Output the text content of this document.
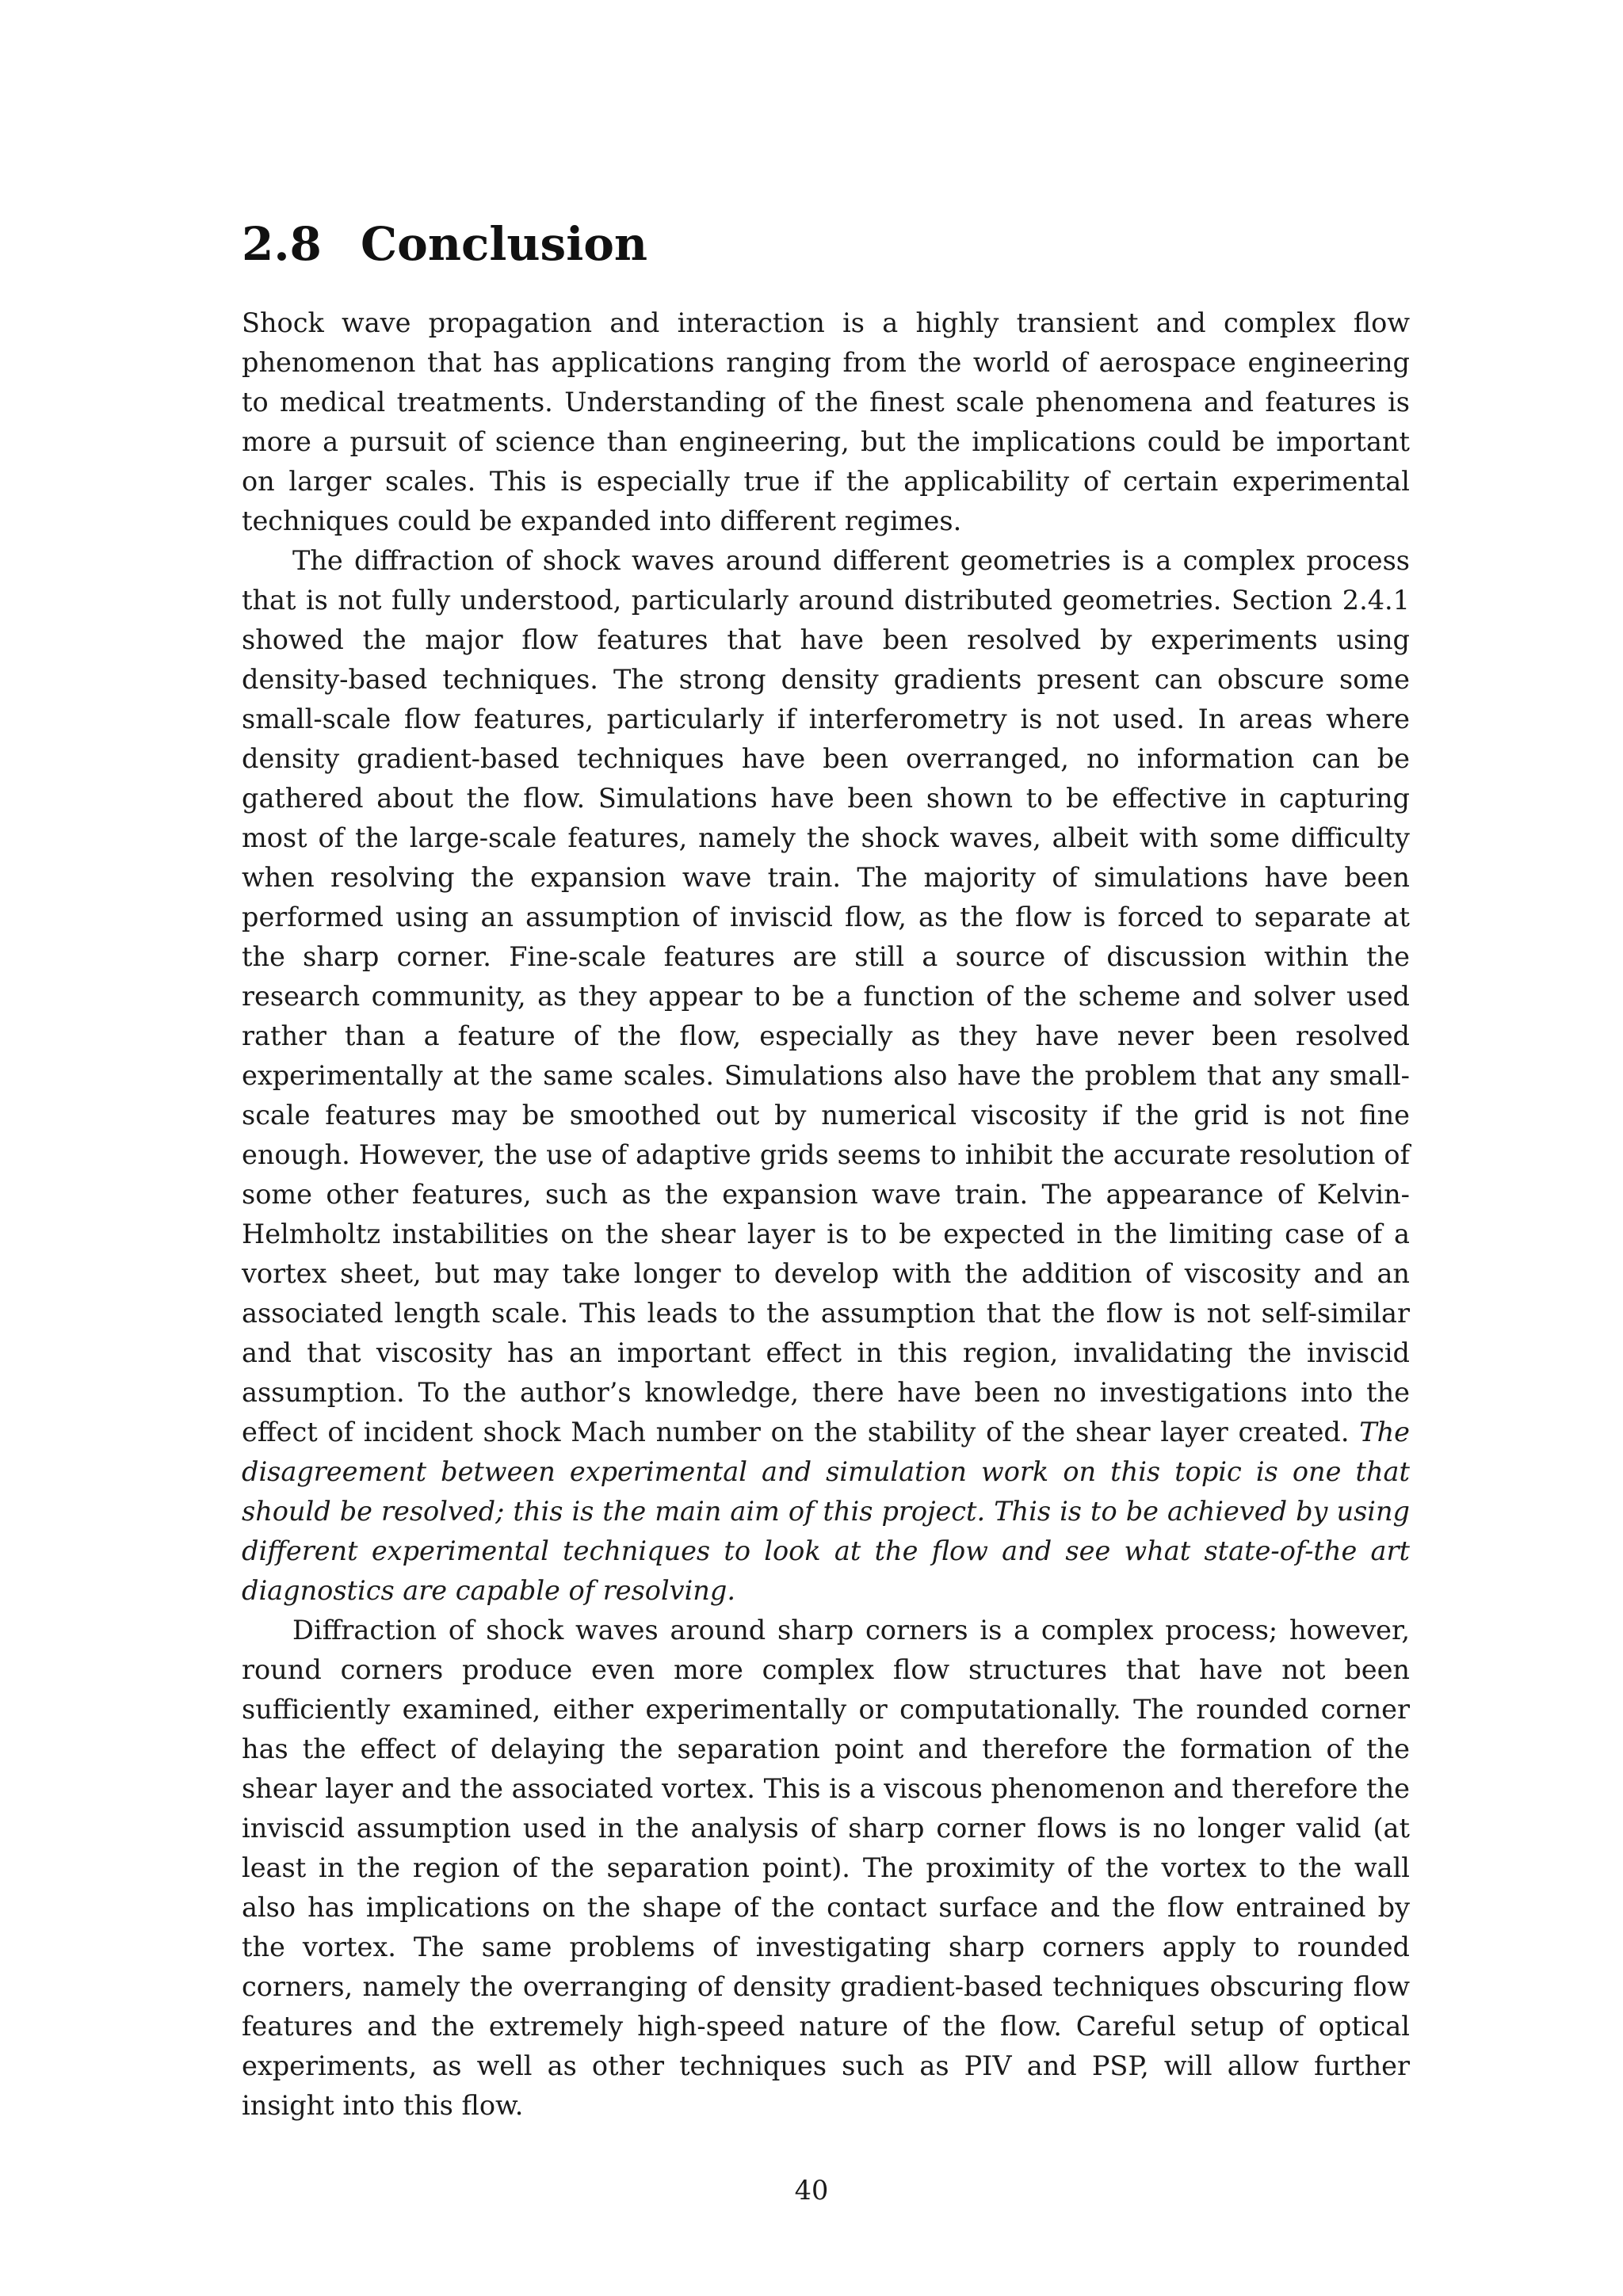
2.8 Conclusion

Shock wave propagation and interaction is a highly transient and complex flow phenomenon that has applications ranging from the world of aerospace engineering to medical treatments. Understanding of the finest scale phenomena and features is more a pursuit of science than engineering, but the implications could be important on larger scales. This is especially true if the applicability of certain experimental techniques could be expanded into different regimes.

The diffraction of shock waves around different geometries is a complex process that is not fully understood, particularly around distributed geometries. Section 2.4.1 showed the major flow features that have been resolved by experiments using density-based techniques. The strong density gradients present can obscure some small-scale flow features, particularly if interferometry is not used. In areas where density gradient-based techniques have been overranged, no information can be gathered about the flow. Simulations have been shown to be effective in capturing most of the large-scale features, namely the shock waves, albeit with some difficulty when resolving the expansion wave train. The majority of simulations have been performed using an assumption of inviscid flow, as the flow is forced to separate at the sharp corner. Fine-scale features are still a source of discussion within the research community, as they appear to be a function of the scheme and solver used rather than a feature of the flow, especially as they have never been resolved experimentally at the same scales. Simulations also have the problem that any small-scale features may be smoothed out by numerical viscosity if the grid is not fine enough. However, the use of adaptive grids seems to inhibit the accurate resolution of some other features, such as the expansion wave train. The appearance of Kelvin-Helmholtz instabilities on the shear layer is to be expected in the limiting case of a vortex sheet, but may take longer to develop with the addition of viscosity and an associated length scale. This leads to the assumption that the flow is not self-similar and that viscosity has an important effect in this region, invalidating the inviscid assumption. To the author’s knowledge, there have been no investigations into the effect of incident shock Mach number on the stability of the shear layer created. The disagreement between experimental and simulation work on this topic is one that should be resolved; this is the main aim of this project. This is to be achieved by using different experimental techniques to look at the flow and see what state-of-the art diagnostics are capable of resolving.

Diffraction of shock waves around sharp corners is a complex process; however, round corners produce even more complex flow structures that have not been sufficiently examined, either experimentally or computationally. The rounded corner has the effect of delaying the separation point and therefore the formation of the shear layer and the associated vortex. This is a viscous phenomenon and therefore the inviscid assumption used in the analysis of sharp corner flows is no longer valid (at least in the region of the separation point). The proximity of the vortex to the wall also has implications on the shape of the contact surface and the flow entrained by the vortex. The same problems of investigating sharp corners apply to rounded corners, namely the overranging of density gradient-based techniques obscuring flow features and the extremely high-speed nature of the flow. Careful setup of optical experiments, as well as other techniques such as PIV and PSP, will allow further insight into this flow.

40
